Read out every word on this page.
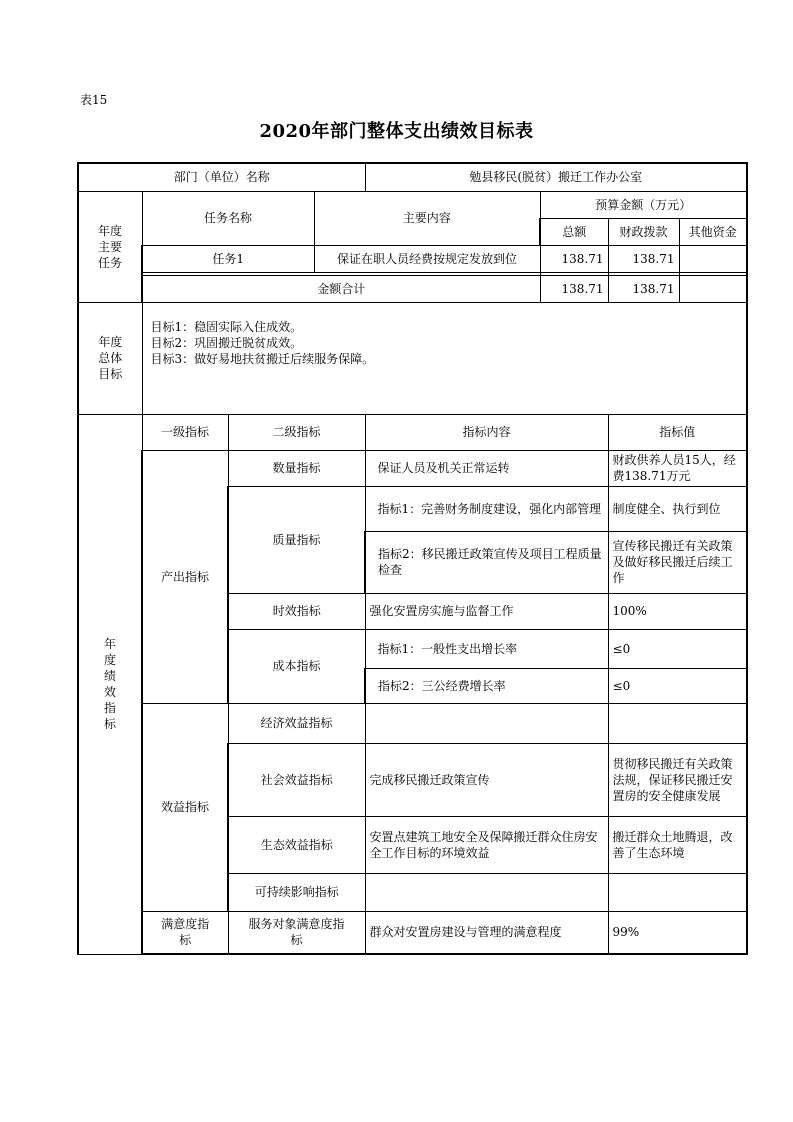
表15
2020年部门整体支出绩效目标表
部门（单位）名称				勉县移民(脱贫）搬迁工作办公室			

年度主要任务	任务名称		主要内容		预算金额（万元）		
					总额	财政拨款	其他资金
	任务1		保证在职人员经费按规定发放到位		138.71	138.71	

	金额合计				138.71	138.71	

年度总体目标	目标1：稳固实际入住成效。
目标2：巩固搬迁脱贫成效。
目标3：做好易地扶贫搬迁后续服务保障。						

年度绩效指标	一级指标	二级指标		指标内容		指标值	
	产出指标	数量指标		保证人员及机关正常运转		财政供养人员15人，经费138.71万元	
		质量指标		指标1：完善财务制度建设，强化内部管理		制度健全、执行到位	
				指标2：移民搬迁政策宣传及项目工程质量检查		宣传移民搬迁有关政策及做好移民搬迁后续工作	
		时效指标		强化安置房实施与监督工作		100%	
		成本指标		指标1：一般性支出增长率		≤0	
				指标2：三公经费增长率		≤0	
	效益指标	经济效益指标					

		社会效益指标		完成移民搬迁政策宣传		贯彻移民搬迁有关政策法规，保证移民搬迁安置房的安全健康发展	

		生态效益指标		安置点建筑工地安全及保障搬迁群众住房安全工作目标的环境效益		搬迁群众土地腾退，改善了生态环境	

		可持续影响指标					

	满意度指标	服务对象满意度指标		群众对安置房建设与管理的满意程度		99%	
